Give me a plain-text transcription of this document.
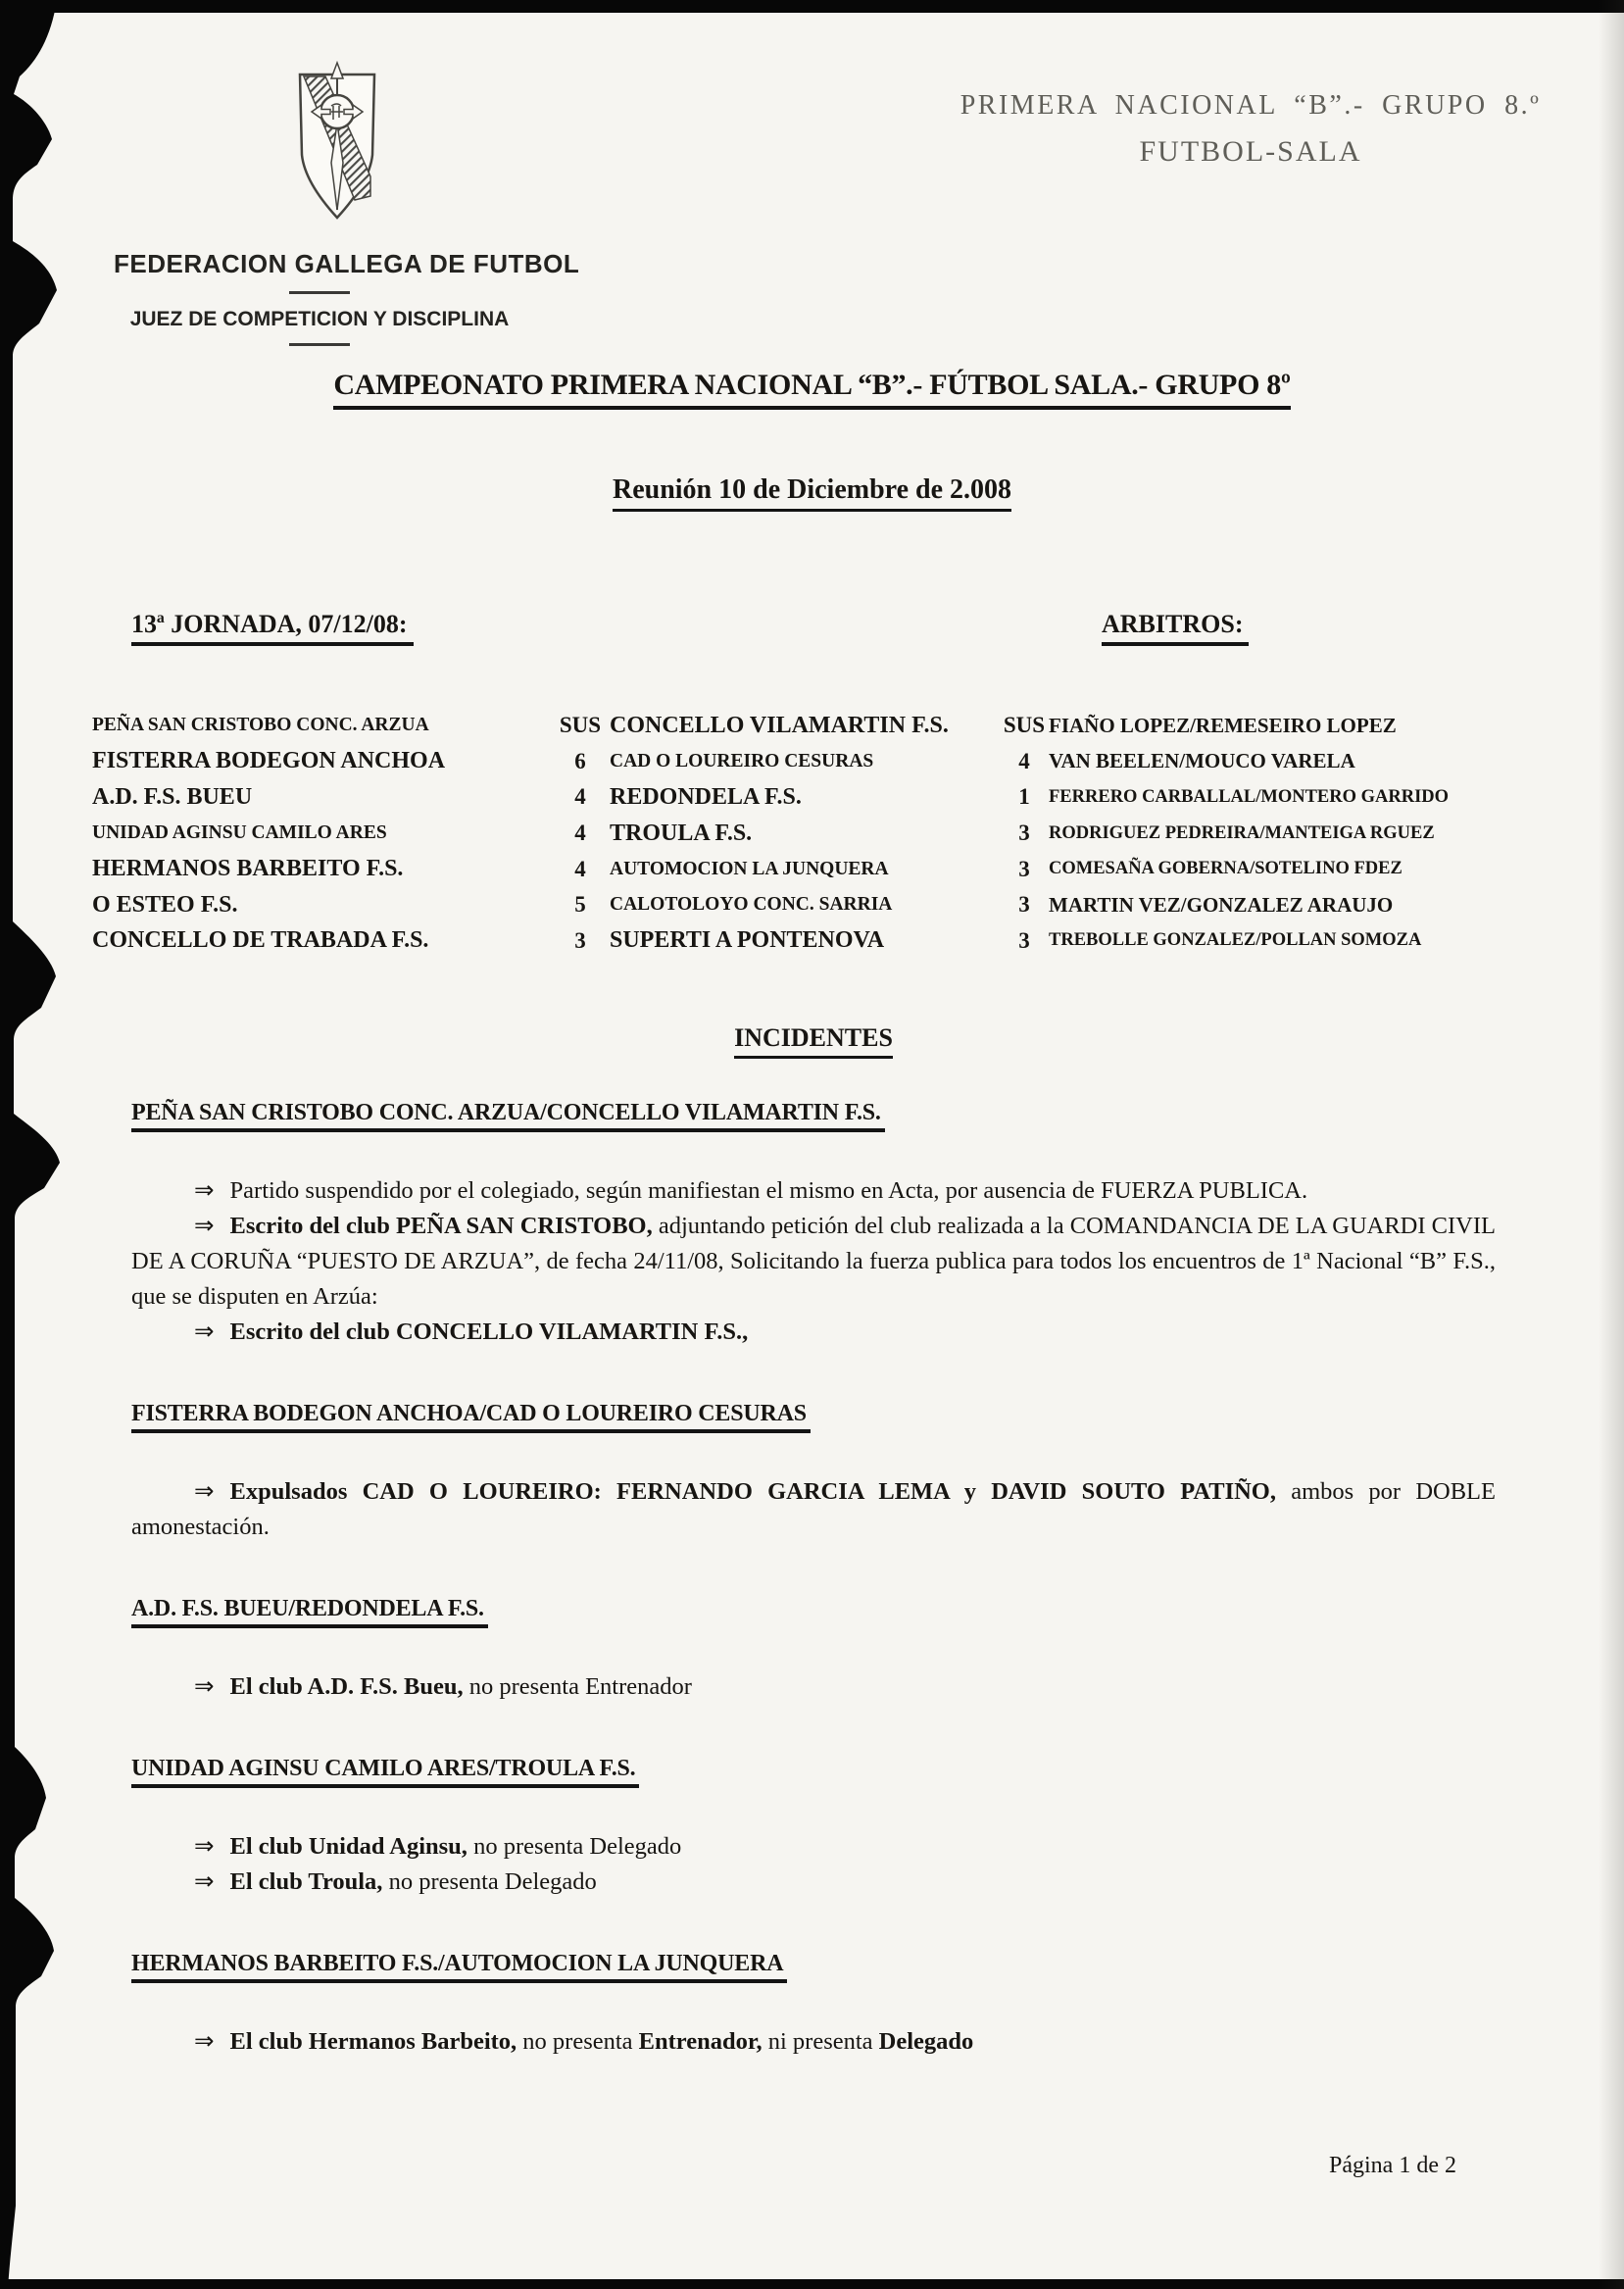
PRIMERA NACIONAL “B”.- GRUPO 8.º
FUTBOL-SALA
FEDERACION GALLEGA DE FUTBOL
JUEZ DE COMPETICION Y DISCIPLINA
CAMPEONATO PRIMERA NACIONAL “B”.- FÚTBOL SALA.- GRUPO 8º
Reunión 10 de Diciembre de 2.008
13ª JORNADA, 07/12/08:	ARBITROS:
PEÑA SAN CRISTOBO CONC. ARZUA	SUS CONCELLO VILAMARTIN F.S.	SUS FIAÑO LOPEZ/REMESEIRO LOPEZ
FISTERRA BODEGON ANCHOA	6	CAD O LOUREIRO CESURAS	4 VAN BEELEN/MOUCO VARELA
A.D. F.S. BUEU	4	REDONDELA F.S.	1	FERRERO CARBALLAL/MONTERO GARRIDO
UNIDAD AGINSU CAMILO ARES	4	TROULA F.S.	3	RODRIGUEZ PEDREIRA/MANTEIGA RGUEZ
HERMANOS BARBEITO F.S.	4	AUTOMOCION LA JUNQUERA	3	COMESAÑA GOBERNA/SOTELINO FDEZ
O ESTEO F.S.	5	CALOTOLOYO CONC. SARRIA	3 MARTIN VEZ/GONZALEZ ARAUJO
CONCELLO DE TRABADA F.S.	3	SUPERTI A PONTENOVA	3	TREBOLLE GONZALEZ/POLLAN SOMOZA
INCIDENTES
PEÑA SAN CRISTOBO CONC. ARZUA/CONCELLO VILAMARTIN F.S.

⇒ Partido suspendido por el colegiado, según manifiestan el mismo en Acta, por ausencia de FUERZA PUBLICA.

⇒ Escrito del club PEÑA SAN CRISTOBO, adjuntando petición del club realizada a la COMANDANCIA DE LA GUARDI CIVIL DE A CORUÑA “PUESTO DE ARZUA”, de fecha 24/11/08, Solicitando la fuerza publica para todos los encuentros de 1ª Nacional “B” F.S., que se disputen en Arzúa:

⇒ Escrito del club CONCELLO VILAMARTIN F.S.,

FISTERRA BODEGON ANCHOA/CAD O LOUREIRO CESURAS

⇒ Expulsados CAD O LOUREIRO: FERNANDO GARCIA LEMA y DAVID SOUTO PATIÑO, ambos por DOBLE amonestación.

A.D. F.S. BUEU/REDONDELA F.S.

⇒ El club A.D. F.S. Bueu, no presenta Entrenador

UNIDAD AGINSU CAMILO ARES/TROULA F.S.

⇒ El club Unidad Aginsu, no presenta Delegado

⇒ El club Troula, no presenta Delegado

HERMANOS BARBEITO F.S./AUTOMOCION LA JUNQUERA

⇒ El club Hermanos Barbeito, no presenta Entrenador, ni presenta Delegado

Página 1 de 2
